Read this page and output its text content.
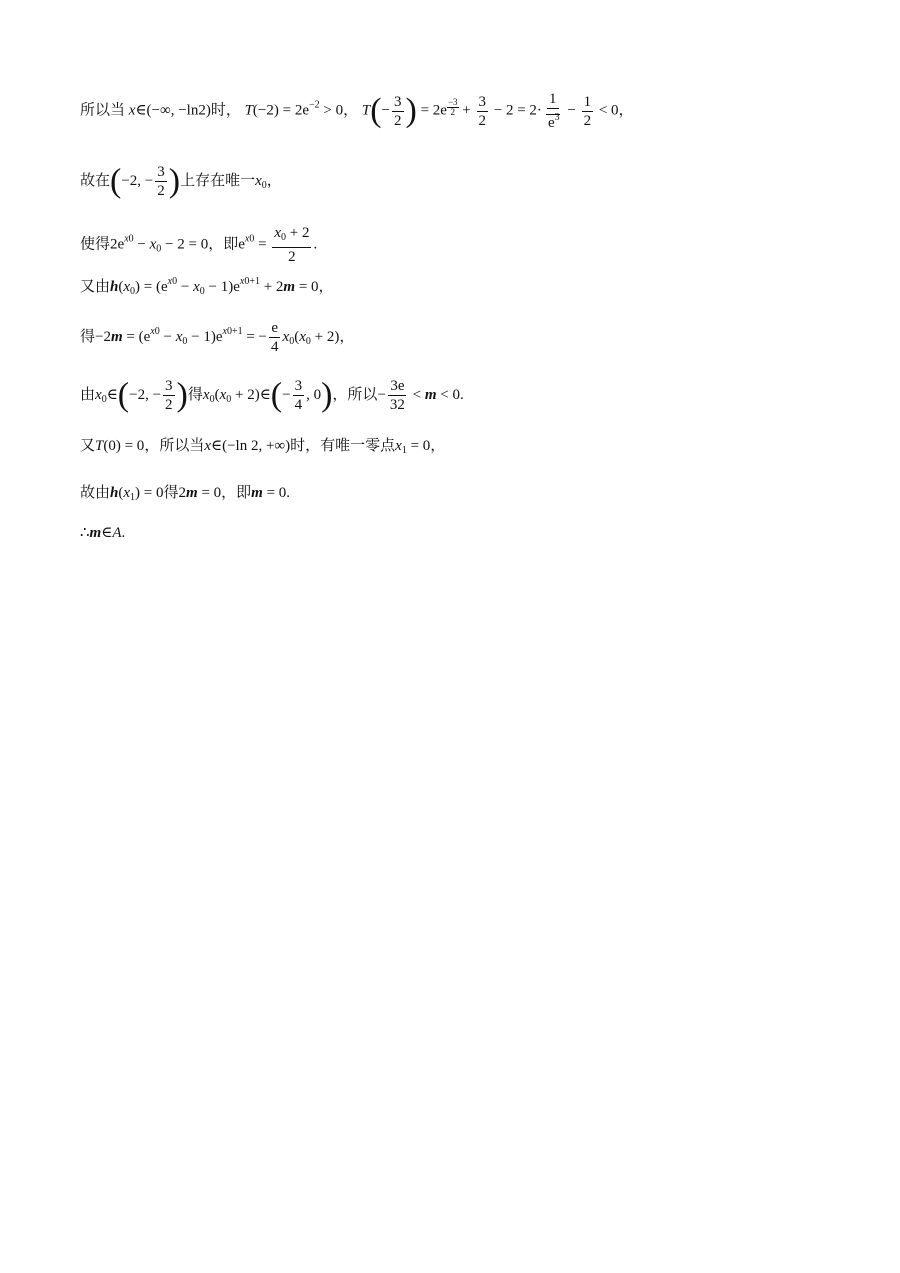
所以当 x∈(−∞, −ln2)时， $T(-2) = 2e^{-2} > 0$， $T(- \frac{3}{2}$ ) = $2e \frac{-3}{2} + \frac{3}{2} - 2 = 2\cdot \frac{1}{e^3} - \frac{1}{2} < 0$，
故在(−2, − $\frac{3}{2}$ )上存在唯一$x_0$，
使得$2e^{x0} - x_0 - 2 = 0$，即$e^{x0} = \frac{x_0 + 2}{2}$ .
又由$h(x_0) = (e^{x0} - x_0 - 1)e^{x0+1} + 2m = 0$，
得$-2m = (e^{x0} - x_0 - 1)e^{x0+1}$ = − $\frac{e}{4} x_0(x_0 + 2)$，
由$x_0\in(-2$, − $\frac{3}{2}$ )得$x_0(x_0$ + 2)∈(− $\frac{3}{4}$ , 0)，所以− $\frac{3e}{32} < m < 0$.
又T(0) = 0，所以当x∈(−ln 2, +∞)时，有唯一零点$x_1 = 0$，
故由$h(x_1) = 0$得2m = 0，即m = 0.
∴m∈A.
